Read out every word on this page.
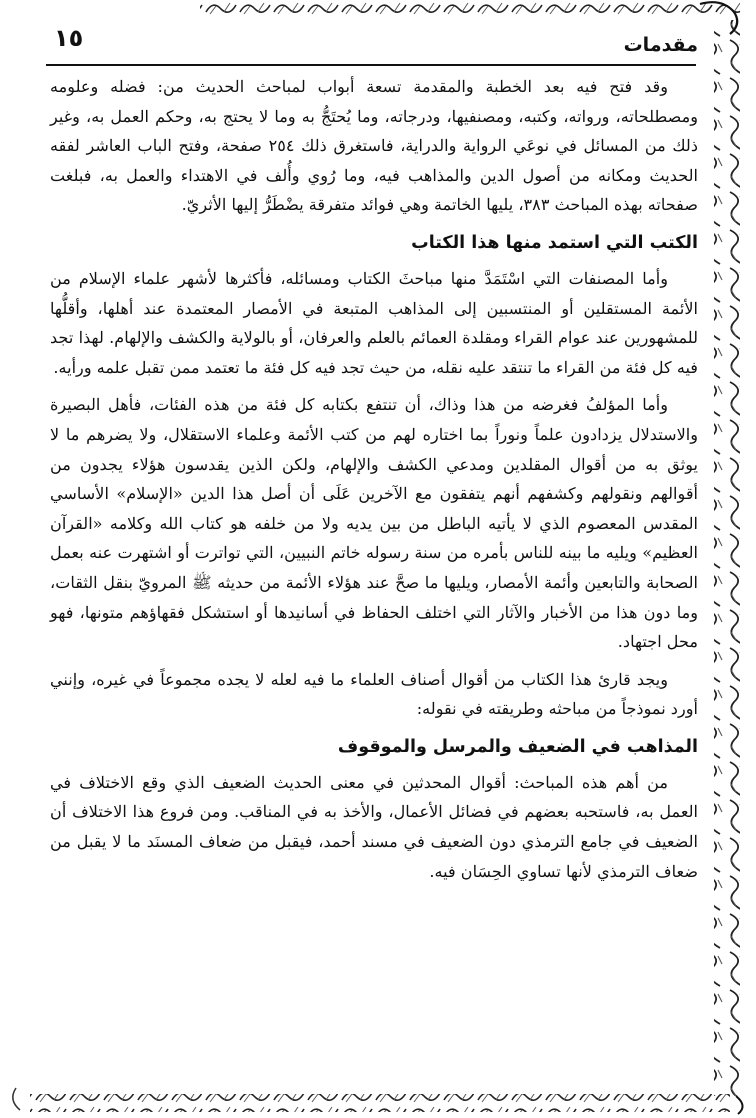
١٥	مقدمات

وقد فتح فيه بعد الخطبة والمقدمة تسعة أبواب لمباحث الحديث من: فضله وعلومه ومصطلحاته، ورواته، وكتبه، ومصنفيها، ودرجاته، وما يُحتَجُّ به وما لا يحتج به، وحكم العمل به، وغير ذلك من المسائل في نوعَي الرواية والدراية، فاستغرق ذلك ٢٥٤ صفحة، وفتح الباب العاشر لفقه الحديث ومكانه من أصول الدين والمذاهب فيه، وما رُوي وأُلف في الاهتداء والعمل به، فبلغت صفحاته بهذه المباحث ٣٨٣، يليها الخاتمة وهي فوائد متفرقة يضْطَرُّ إليها الأثريّ.

الكتب التي استمد منها هذا الكتاب

وأما المصنفات التي اسْتَمَدَّ منها مباحثَ الكتاب ومسائله، فأكثرها لأشهر علماء الإسلام من الأئمة المستقلين أو المنتسبين إلى المذاهب المتبعة في الأمصار المعتمدة عند أهلها، وأقلُّها للمشهورين عند عوام القراء ومقلدة العمائم بالعلم والعرفان، أو بالولاية والكشف والإلهام. لهذا تجد فيه كل فئة من القراء ما تنتقد عليه نقله، من حيث تجد فيه كل فئة ما تعتمد ممن تقبل علمه ورأيه.

وأما المؤلفُ فغرضه من هذا وذاك، أن تنتفع بكتابه كل فئة من هذه الفئات، فأهل البصيرة والاستدلال يزدادون علماً ونوراً بما اختاره لهم من كتب الأئمة وعلماء الاستقلال، ولا يضرهم ما لا يوثق به من أقوال المقلدين ومدعي الكشف والإلهام، ولكن الذين يقدسون هؤلاء يجدون من أقوالهم ونقولهم وكشفهم أنهم يتفقون مع الآخرين عَلَى أن أصل هذا الدين «الإسلام» الأساسي المقدس المعصوم الذي لا يأتيه الباطل من بين يديه ولا من خلفه هو كتاب الله وكلامه «القرآن العظيم» ويليه ما بينه للناس بأمره من سنة رسوله خاتم النبيين، التي تواترت أو اشتهرت عنه بعمل الصحابة والتابعين وأئمة الأمصار، ويليها ما صحَّ عند هؤلاء الأئمة من حديثه ﷺ المرويّ بنقل الثقات، وما دون هذا من الأخبار والآثار التي اختلف الحفاظ في أسانيدها أو استشكل فقهاؤهم متونها، فهو محل اجتهاد.

ويجد قارئ هذا الكتاب من أقوال أصناف العلماء ما فيه لعله لا يجده مجموعاً في غيره، وإنني أورد نموذجاً من مباحثه وطريقته في نقوله:

المذاهب في الضعيف والمرسل والموقوف

من أهم هذه المباحث: أقوال المحدثين في معنى الحديث الضعيف الذي وقع الاختلاف في العمل به، فاستحبه بعضهم في فضائل الأعمال، والأخذ به في المناقب. ومن فروع هذا الاختلاف أن الضعيف في جامع الترمذي دون الضعيف في مسند أحمد، فيقبل من ضعاف المسنَد ما لا يقبل من ضعاف الترمذي لأنها تساوي الحِسَان فيه.
